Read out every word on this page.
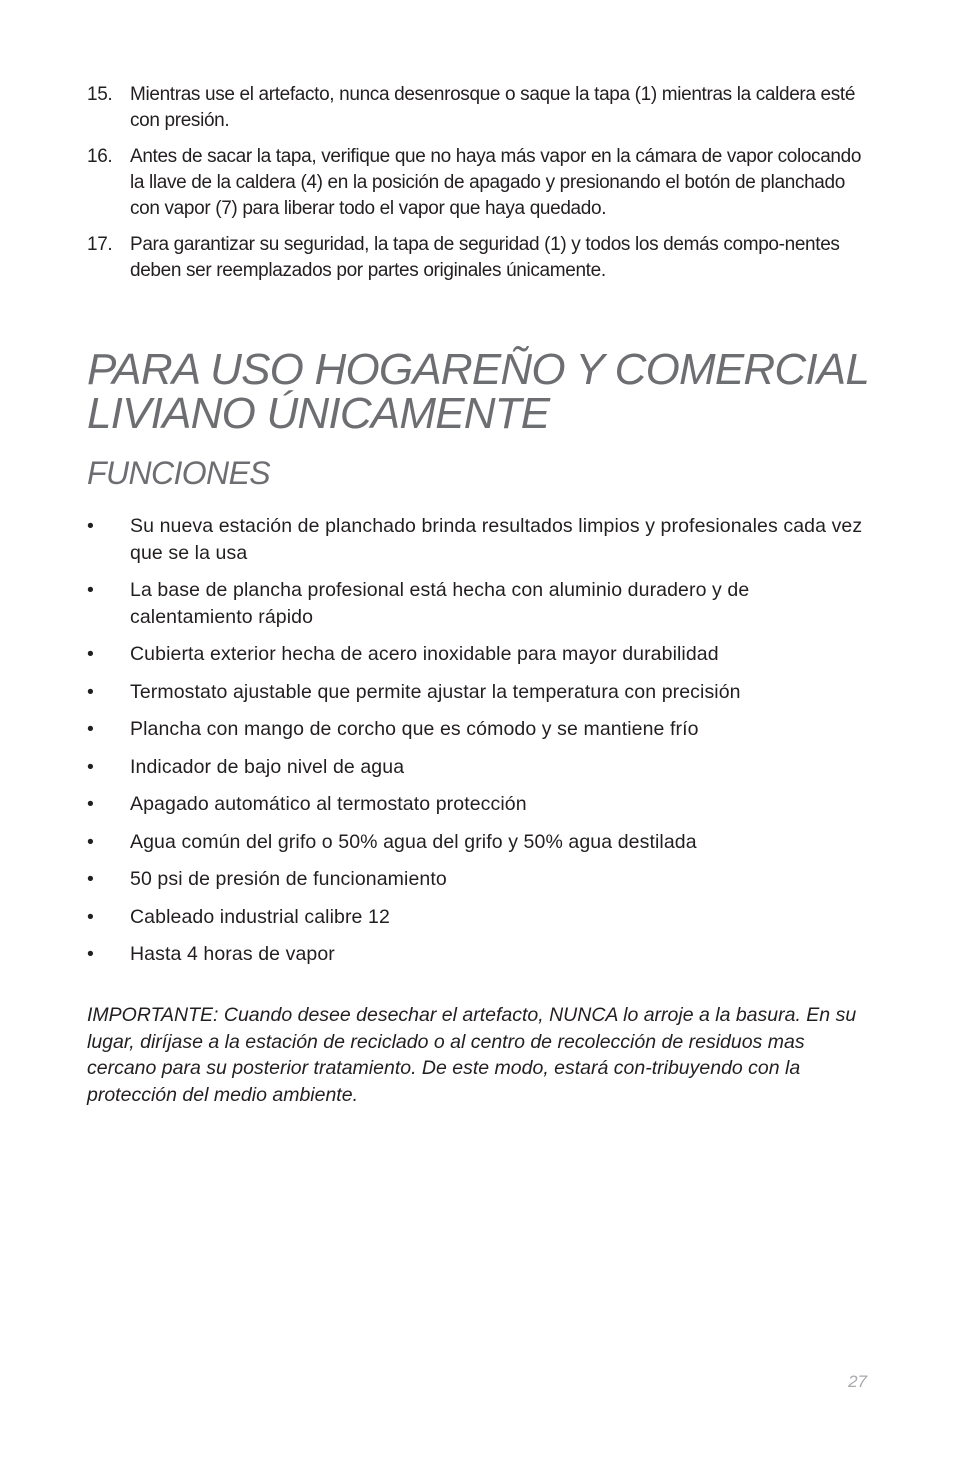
15. Mientras use el artefacto, nunca desenrosque o saque la tapa (1) mientras la caldera esté con presión.
16. Antes de sacar la tapa, verifique que no haya más vapor en la cámara de vapor colocando la llave de la caldera (4) en la posición de apagado y presionando el botón de planchado con vapor (7) para liberar todo el vapor que haya quedado.
17. Para garantizar su seguridad, la tapa de seguridad (1) y todos los demás compo-nentes deben ser reemplazados por partes originales únicamente.
PARA USO HOGAREÑO Y COMERCIAL
LIVIANO ÚNICAMENTE
FUNCIONES
• Su nueva estación de planchado brinda resultados limpios y profesionales cada vez que se la usa
• La base de plancha profesional está hecha con aluminio duradero y de calentamiento rápido
• Cubierta exterior hecha de acero inoxidable para mayor durabilidad
• Termostato ajustable que permite ajustar la temperatura con precisión
• Plancha con mango de corcho que es cómodo y se mantiene frío
• Indicador de bajo nivel de agua
• Apagado automático al termostato protección
• Agua común del grifo o 50% agua del grifo y 50% agua destilada
• 50 psi de presión de funcionamiento
• Cableado industrial calibre 12
• Hasta 4 horas de vapor

IMPORTANTE: Cuando desee desechar el artefacto, NUNCA lo arroje a la basura. En su lugar, diríjase a la estación de reciclado o al centro de recolección de residuos mas cercano para su posterior tratamiento. De este modo, estará con-tribuyendo con la protección del medio ambiente.

27
